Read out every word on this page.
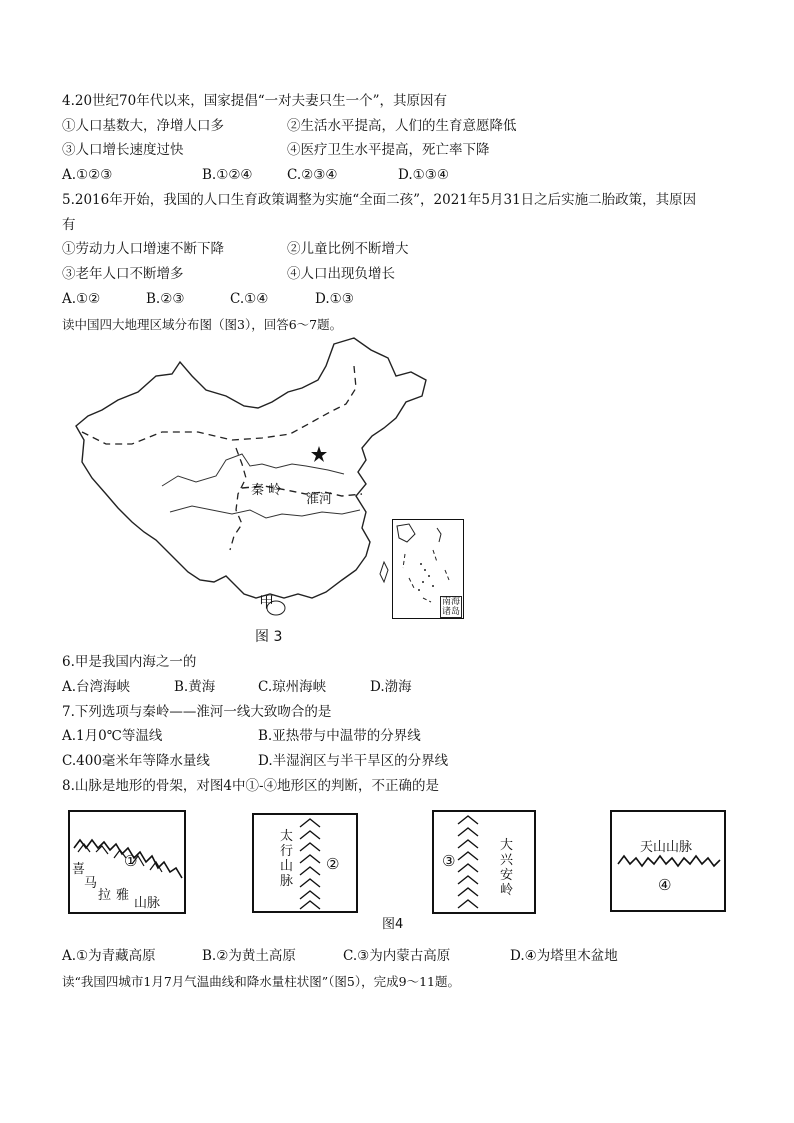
4.20世纪70年代以来，国家提倡“一对夫妻只生一个”，其原因有
①人口基数大，净增人口多	②生活水平提高，人们的生育意愿降低
③人口增长速度过快	④医疗卫生水平提高，死亡率下降
A.①②③	B.①②④	C.②③④	D.①③④
5.2016年开始，我国的人口生育政策调整为实施“全面二孩”，2021年5月31日之后实施二胎政策，其原因
有
①劳动力人口增速不断下降	②儿童比例不断增大
③老年人口不断增多	④人口出现负增长
A.①②	B.②③	C.①④	D.①③
读中国四大地理区域分布图（图3），回答6～7题。
秦 岭
淮河
甲	南海
诸岛
图 3
6.甲是我国内海之一的
A.台湾海峡	B.黄海	C.琼州海峡	D.渤海
7.下列选项与秦岭——淮河一线大致吻合的是
A.1月0℃等温线	B.亚热带与中温带的分界线
C.400毫米年等降水量线	D.半湿润区与半干旱区的分界线
8.山脉是地形的骨架，对图4中①-④地形区的判断，不正确的是
①
喜
马
拉 雅
山脉
太
行
山
脉
②	③
大
兴
安
岭
天山山脉
④
图4
A.①为青藏高原	B.②为黄土高原	C.③为内蒙古高原	D.④为塔里木盆地
读“我国四城市1月7月气温曲线和降水量柱状图”（图5），完成9～11题。
